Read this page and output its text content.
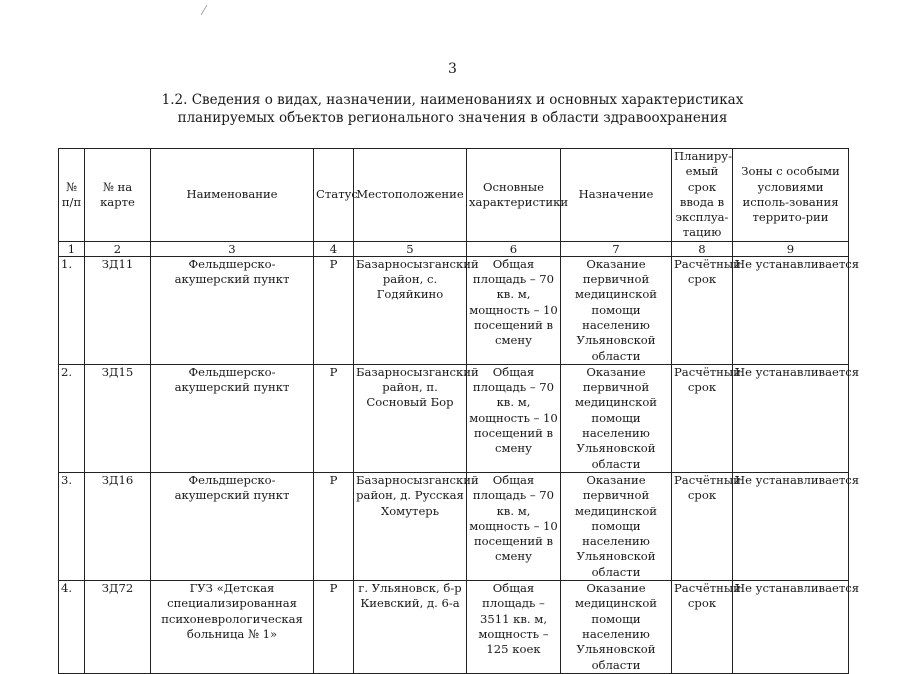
3
1.2. Сведения о видах, назначении, наименованиях и основных характеристиках
планируемых объектов регионального значения в области здравоохранения
№ п/п	№ на карте	Наименование	Статус	Местоположение	Основные характеристики	Назначение	Планиру-емый срок ввода в эксплуа-тацию	Зоны с особыми условиями исполь-зования террито-рии
1	2	3	4	5	6	7	8	9
1.	ЗД11	Фельдшерско-акушерский пункт	Р	Базарносызганский район, с. Годяйкино	Общая площадь – 70 кв. м, мощность – 10 посещений в смену	Оказание первичной медицинской помощи населению Ульяновской области	Расчётный срок	Не устанавливается
2.	ЗД15	Фельдшерско-акушерский пункт	Р	Базарносызганский район, п. Сосновый Бор	Общая площадь – 70 кв. м, мощность – 10 посещений в смену	Оказание первичной медицинской помощи населению Ульяновской области	Расчётный срок	Не устанавливается
3.	ЗД16	Фельдшерско-акушерский пункт	Р	Базарносызганский район, д. Русская Хомутерь	Общая площадь – 70 кв. м, мощность – 10 посещений в смену	Оказание первичной медицинской помощи населению Ульяновской области	Расчётный срок	Не устанавливается
4.	ЗД72	ГУЗ «Детская специализированная психоневрологическая больница № 1»	Р	г. Ульяновск, б-р Киевский, д. 6-а	Общая площадь – 3511 кв. м, мощность – 125 коек	Оказание медицинской помощи населению Ульяновской области	Расчётный срок	Не устанавливается
